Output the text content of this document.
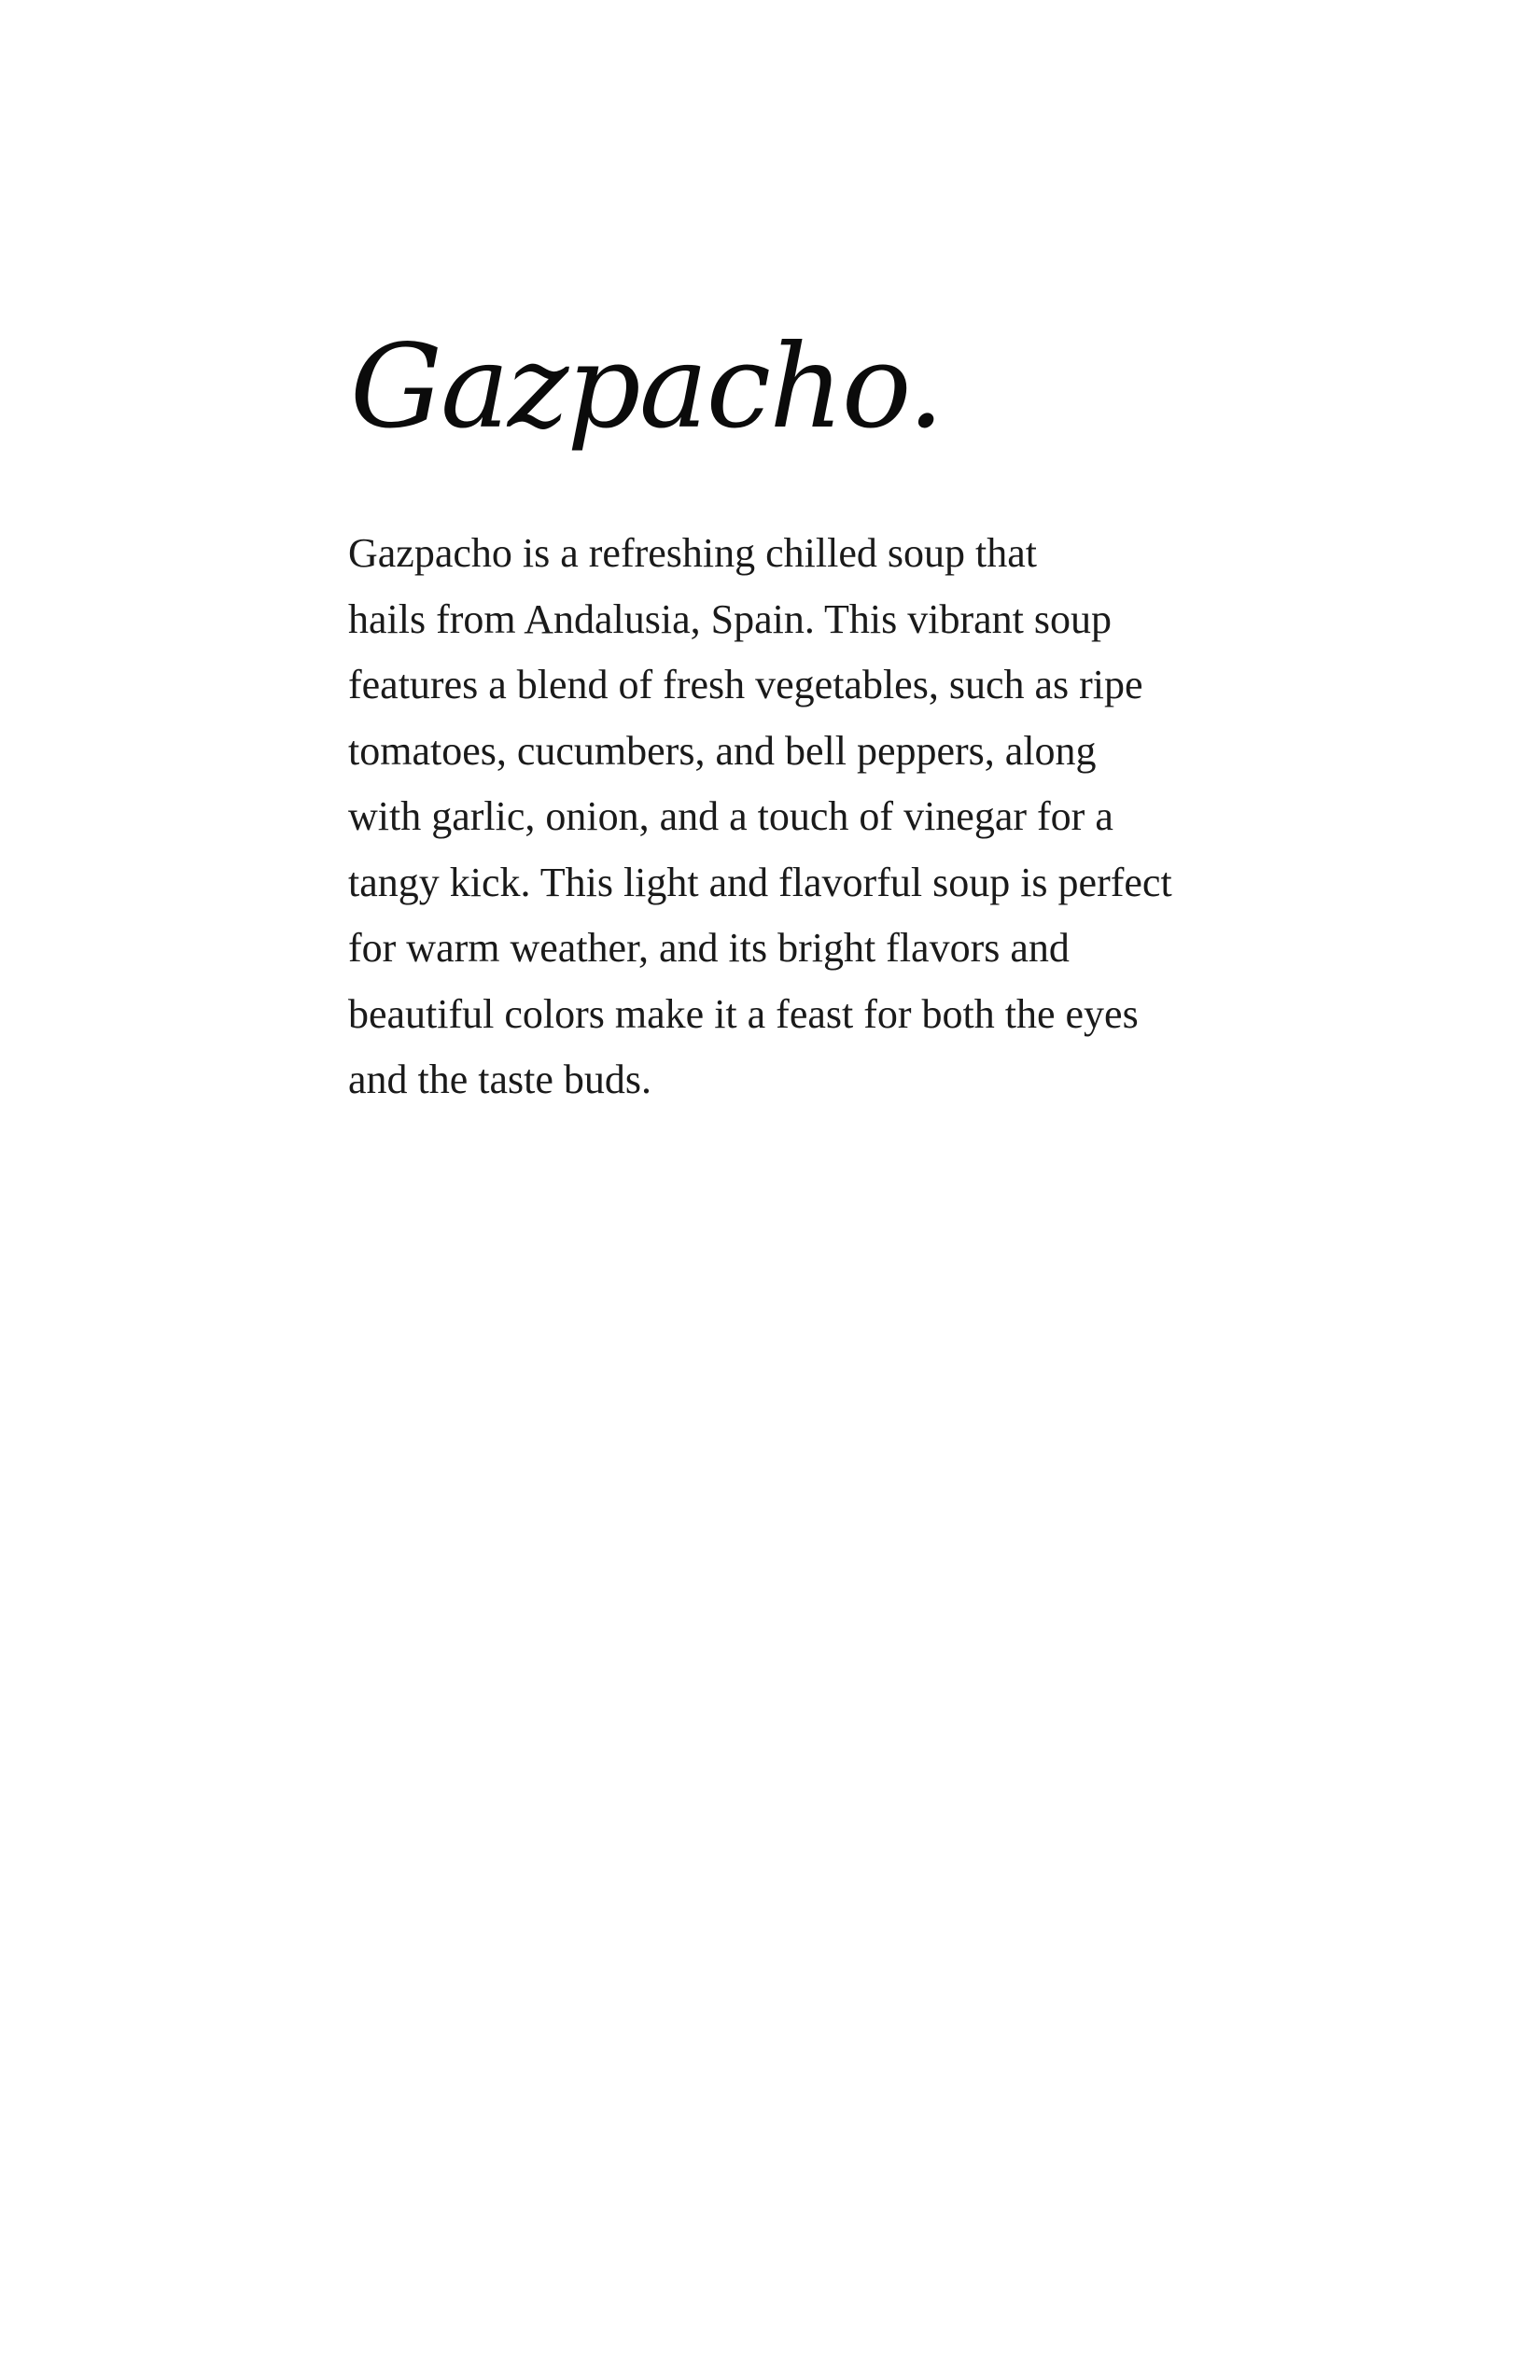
Gazpacho.

Gazpacho is a refreshing chilled soup that
hails from Andalusia, Spain. This vibrant soup
features a blend of fresh vegetables, such as ripe
tomatoes, cucumbers, and bell peppers, along
with garlic, onion, and a touch of vinegar for a
tangy kick. This light and flavorful soup is perfect
for warm weather, and its bright flavors and
beautiful colors make it a feast for both the eyes
and the taste buds.
